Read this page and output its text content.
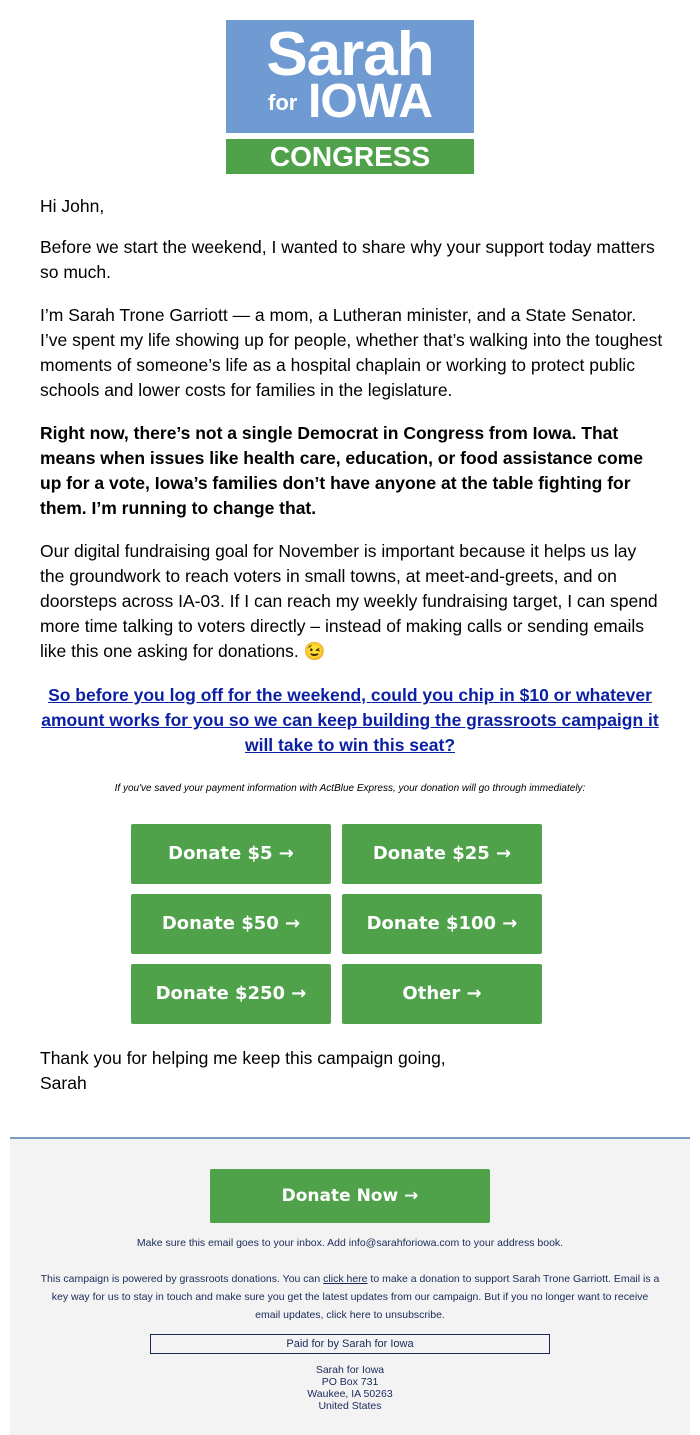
Sarah
for IOWA
CONGRESS

Hi John,

Before we start the weekend, I wanted to share why your support today matters so much.

I’m Sarah Trone Garriott — a mom, a Lutheran minister, and a State Senator. I’ve spent my life showing up for people, whether that’s walking into the toughest moments of someone’s life as a hospital chaplain or working to protect public schools and lower costs for families in the legislature.

Right now, there’s not a single Democrat in Congress from Iowa. That means when issues like health care, education, or food assistance come up for a vote, Iowa’s families don’t have anyone at the table fighting for them. I’m running to change that.

Our digital fundraising goal for November is important because it helps us lay the groundwork to reach voters in small towns, at meet-and-greets, and on doorsteps across IA-03. If I can reach my weekly fundraising target, I can spend more time talking to voters directly – instead of making calls or sending emails like this one asking for donations. 😉

So before you log off for the weekend, could you chip in $10 or whatever amount works for you so we can keep building the grassroots campaign it will take to win this seat?
If you've saved your payment information with ActBlue Express, your donation will go through immediately:
Donate $5 →	Donate $25 →
Donate $50 →	Donate $100 →
Donate $250 →	Other →
Thank you for helping me keep this campaign going,
Sarah
Donate Now →
Make sure this email goes to your inbox. Add info@sarahforiowa.com to your address book.
This campaign is powered by grassroots donations. You can click here to make a donation to support Sarah Trone Garriott. Email is a key way for us to stay in touch and make sure you get the latest updates from our campaign. But if you no longer want to receive email updates, click here to unsubscribe.
Paid for by Sarah for Iowa
Sarah for Iowa
PO Box 731
Waukee, IA 50263
United States
